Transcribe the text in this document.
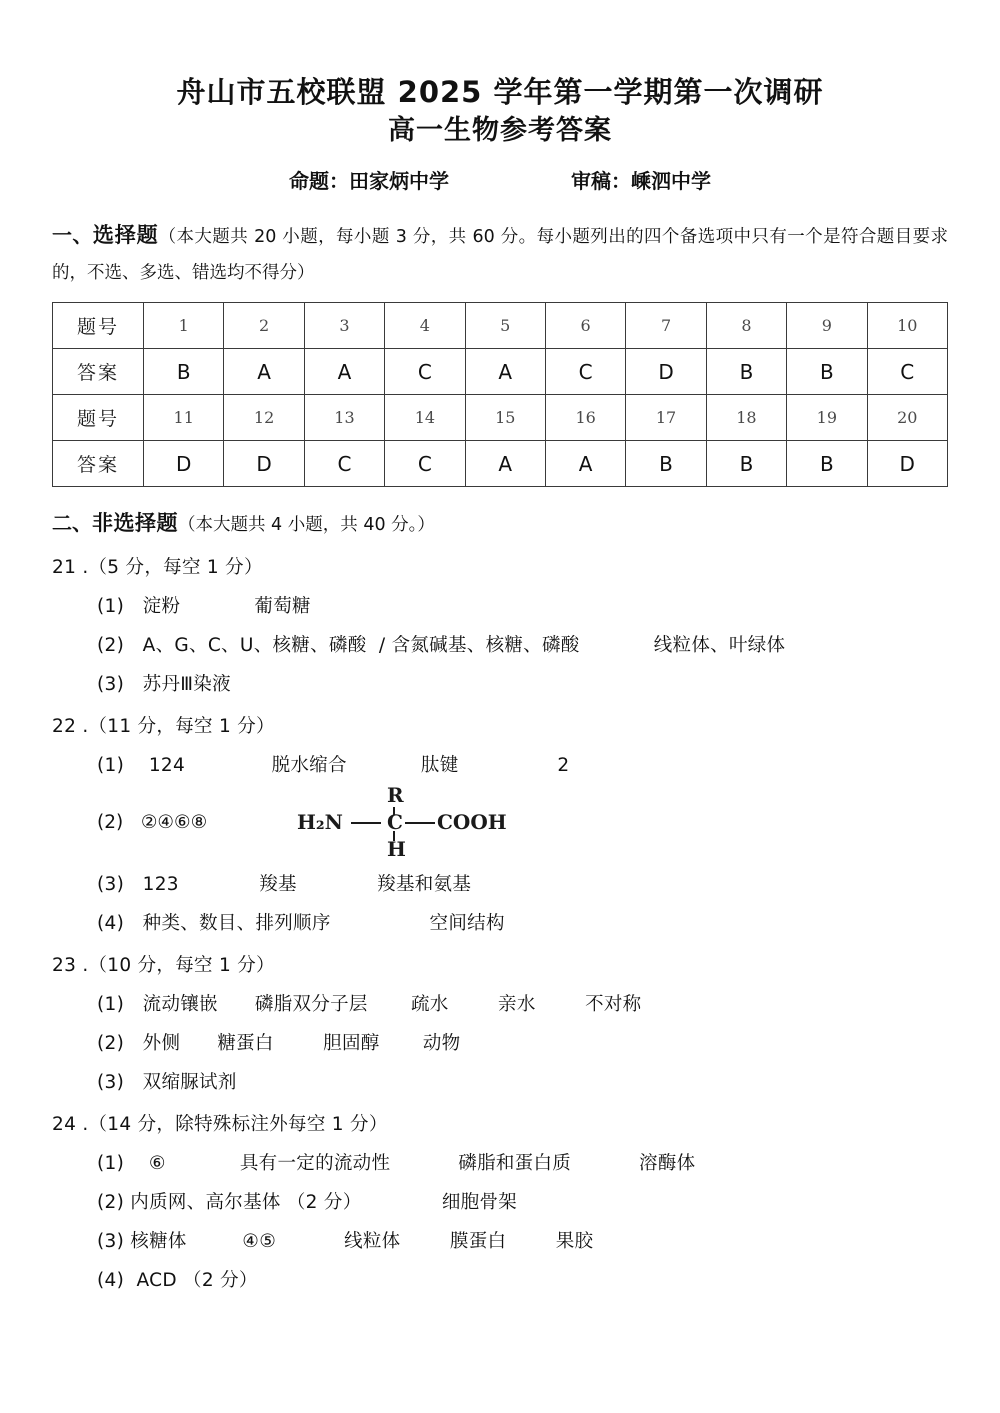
舟山市五校联盟 2025 学年第一学期第一次调研
高一生物参考答案
命题：田家炳中学	审稿：嵊泗中学
一、选择题（本大题共 20 小题，每小题 3 分，共 60 分。每小题列出的四个备选项中只有一个是符合题目要求的，不选、多选、错选均不得分）
题号	1	2	3	4	5	6	7	8	9	10
答案	B	A	A	C	A	C	D	B	B	C
题号	11	12	13	14	15	16	17	18	19	20
答案	D	D	C	C	A	A	B	B	B	D
二、非选择题（本大题共 4 小题，共 40 分。）
21 .（5 分，每空 1 分）
(1)   淀粉            葡萄糖
(2)   A、G、C、U、核糖、磷酸  / 含氮碱基、核糖、磷酸            线粒体、叶绿体
(3)   苏丹Ⅲ染液
22 .（11 分，每空 1 分）
(1)    124              脱水缩合            肽键                2
(2)   ②④⑥⑧	H₂N C COOH
R
H
(3)   123             羧基             羧基和氨基
(4)   种类、数目、排列顺序                空间结构
23 .（10 分，每空 1 分）
(1)   流动镶嵌      磷脂双分子层       疏水        亲水        不对称
(2)   外侧      糖蛋白        胆固醇       动物
(3)   双缩脲试剂
24 .（14 分，除特殊标注外每空 1 分）
(1)    ⑥            具有一定的流动性           磷脂和蛋白质           溶酶体
(2) 内质网、高尔基体 （2 分）             细胞骨架
(3) 核糖体         ④⑤           线粒体        膜蛋白        果胶
(4)  ACD （2 分）
